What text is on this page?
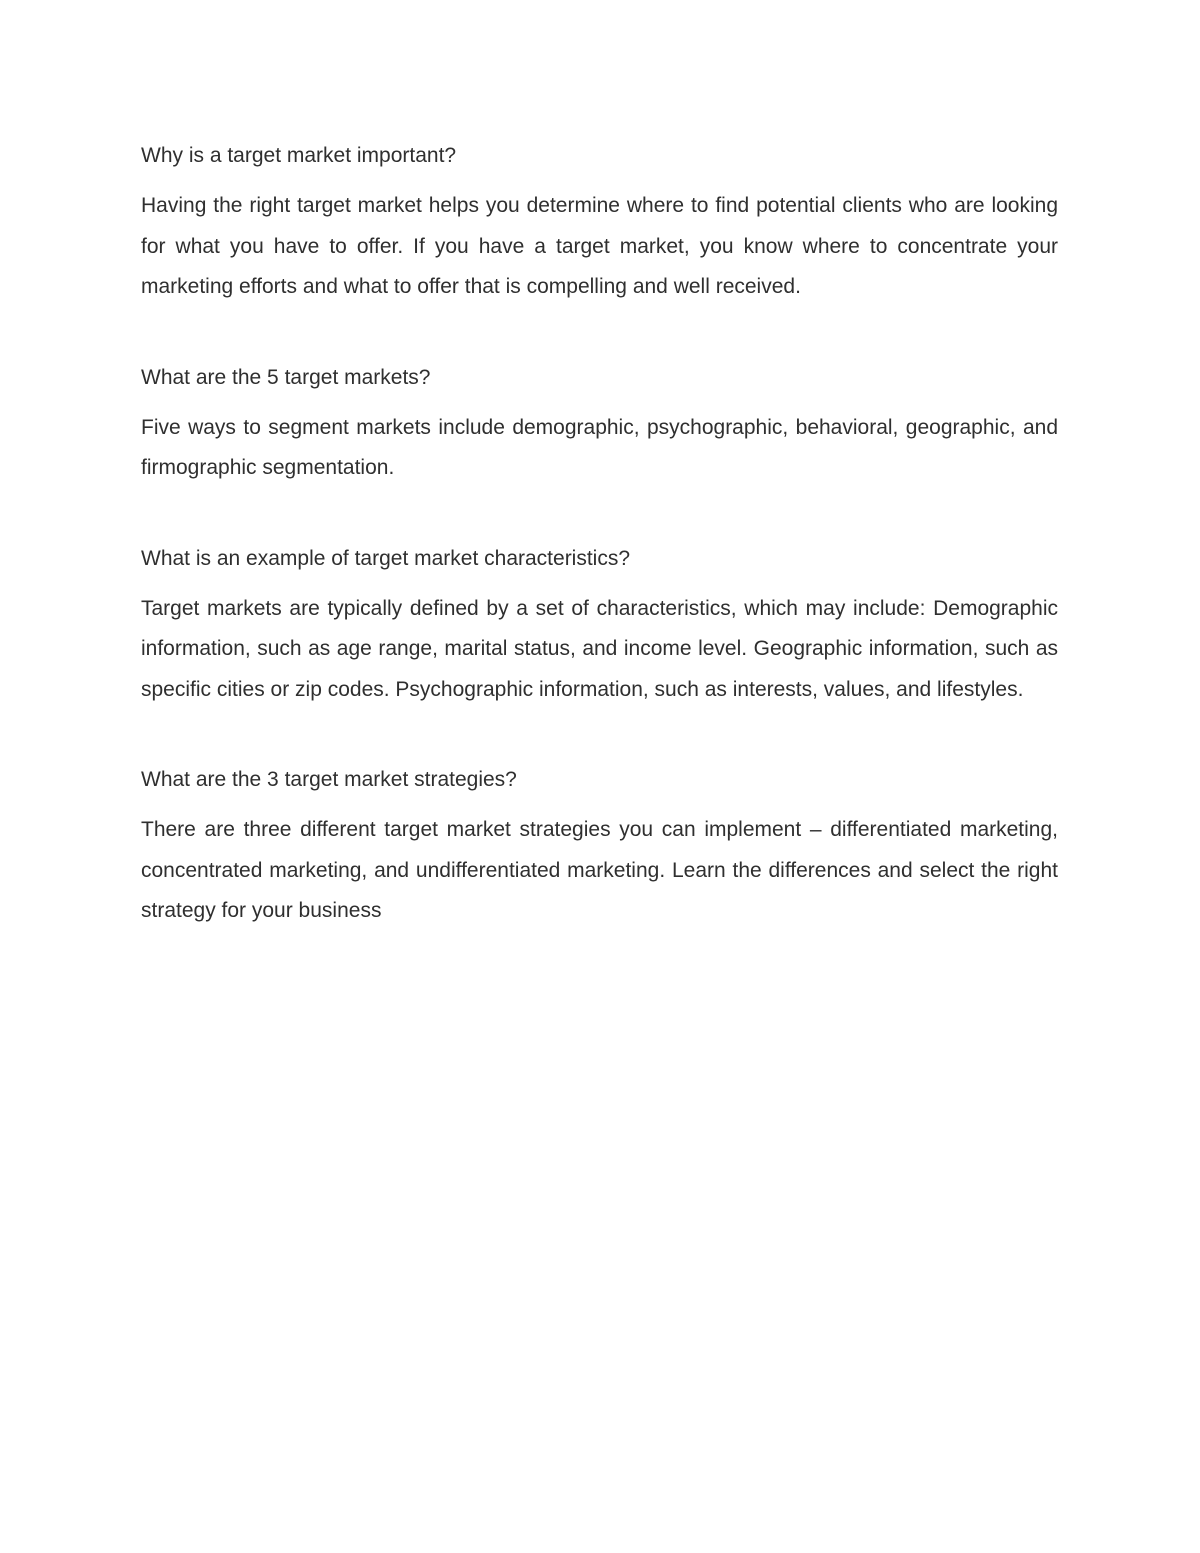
Why is a target market important?

Having the right target market helps you determine where to find potential clients who are looking for what you have to offer. If you have a target market, you know where to concentrate your marketing efforts and what to offer that is compelling and well received.

What are the 5 target markets?

Five ways to segment markets include demographic, psychographic, behavioral, geographic, and firmographic segmentation.

What is an example of target market characteristics?

Target markets are typically defined by a set of characteristics, which may include: Demographic information, such as age range, marital status, and income level. Geographic information, such as specific cities or zip codes. Psychographic information, such as interests, values, and lifestyles.

What are the 3 target market strategies?

There are three different target market strategies you can implement – differentiated marketing, concentrated marketing, and undifferentiated marketing. Learn the differences and select the right strategy for your business
